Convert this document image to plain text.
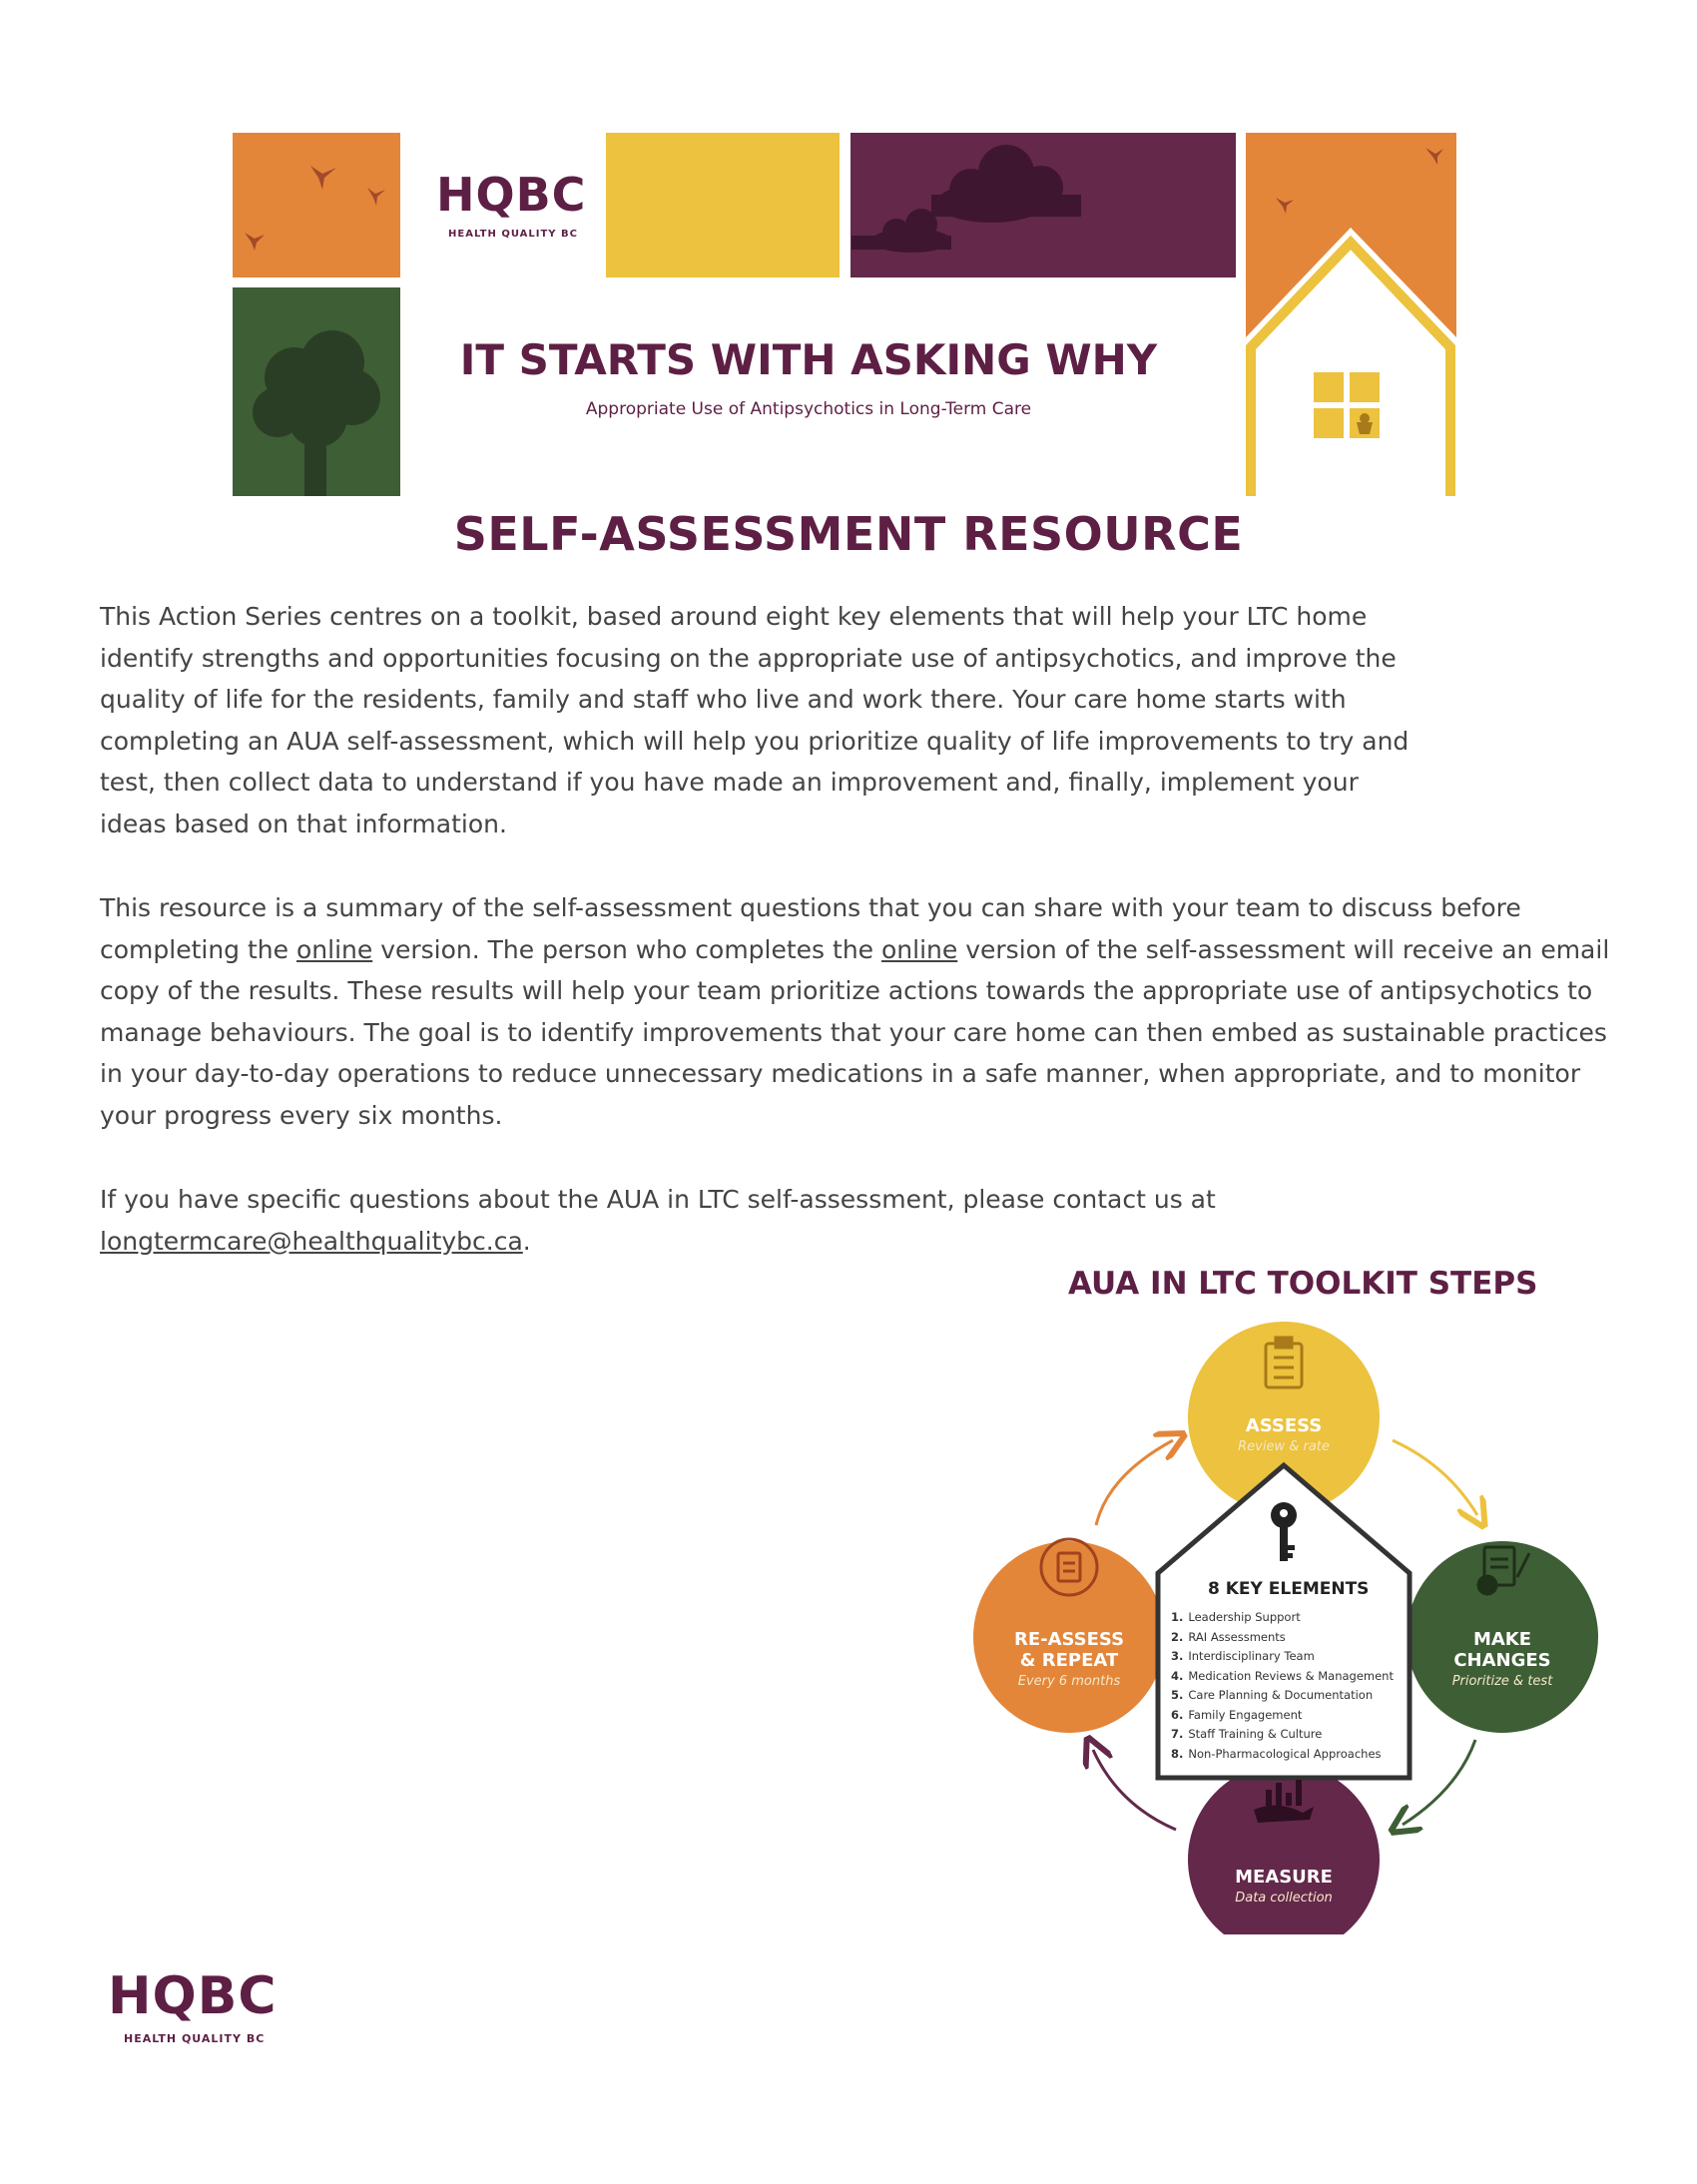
HQBC
HEALTH QUALITY BC
IT STARTS WITH ASKING WHY
Appropriate Use of Antipsychotics in Long-Term Care
SELF-ASSESSMENT RESOURCE
This Action Series centres on a toolkit, based around eight key elements that will help your LTC home identify strengths and opportunities focusing on the appropriate use of antipsychotics, and improve the quality of life for the residents, family and staff who live and work there. Your care home starts with completing an AUA self-assessment, which will help you prioritize quality of life improvements to try and test, then collect data to understand if you have made an improvement and, finally, implement your ideas based on that information.
This resource is a summary of the self-assessment questions that you can share with your team to discuss before completing the online version. The person who completes the online version of the self-assessment will receive an email copy of the results. These results will help your team prioritize actions towards the appropriate use of antipsychotics to manage behaviours. The goal is to identify improvements that your care home can then embed as sustainable practices in your day-to-day operations to reduce unnecessary medications in a safe manner, when appropriate, and to monitor your progress every six months.
If you have specific questions about the AUA in LTC self-assessment, please contact us at longtermcare@healthqualitybc.ca.
AUA IN LTC TOOLKIT STEPS
ASSESS
Review & rate
RE-ASSESS
& REPEAT
Every 6 months
MAKE
CHANGES
Prioritize & test
MEASURE
Data collection
8 KEY ELEMENTS
1. Leadership Support
2. RAI Assessments
3. Interdisciplinary Team
4. Medication Reviews & Management
5. Care Planning & Documentation
6. Family Engagement
7. Staff Training & Culture
8. Non-Pharmacological Approaches
HQBC
HEALTH QUALITY BC
